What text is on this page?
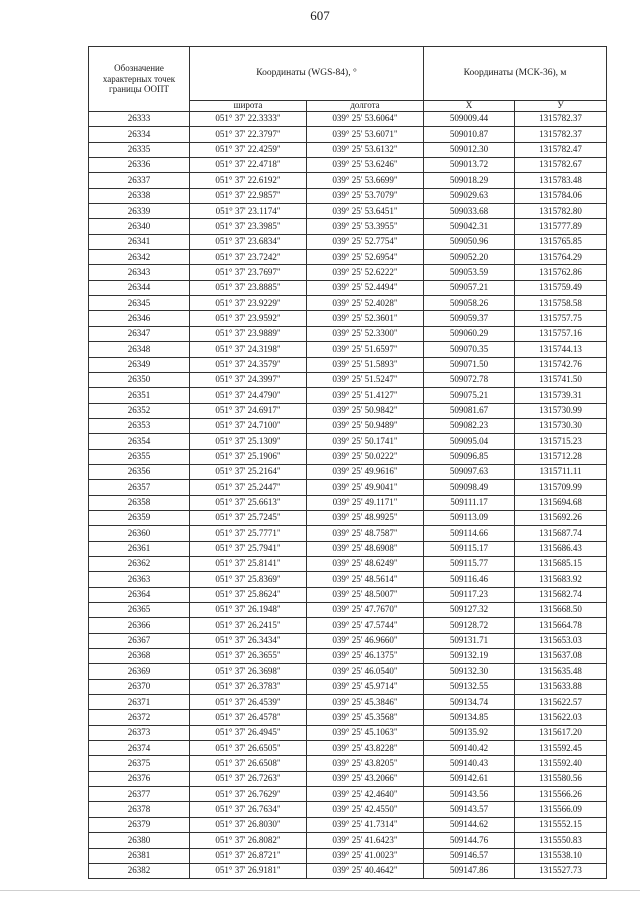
607
Обозначение характерных точек границы ООПТ	Координаты (WGS-84), °		Координаты (МСК-36), м	
	широта	долгота	X	У
26333	051° 37' 22.3333"	039° 25' 53.6064"	509009.44	1315782.37
26334	051° 37' 22.3797"	039° 25' 53.6071"	509010.87	1315782.37
26335	051° 37' 22.4259"	039° 25' 53.6132"	509012.30	1315782.47
26336	051° 37' 22.4718"	039° 25' 53.6246"	509013.72	1315782.67
26337	051° 37' 22.6192"	039° 25' 53.6699"	509018.29	1315783.48
26338	051° 37' 22.9857"	039° 25' 53.7079"	509029.63	1315784.06
26339	051° 37' 23.1174"	039° 25' 53.6451"	509033.68	1315782.80
26340	051° 37' 23.3985"	039° 25' 53.3955"	509042.31	1315777.89
26341	051° 37' 23.6834"	039° 25' 52.7754"	509050.96	1315765.85
26342	051° 37' 23.7242"	039° 25' 52.6954"	509052.20	1315764.29
26343	051° 37' 23.7697"	039° 25' 52.6222"	509053.59	1315762.86
26344	051° 37' 23.8885"	039° 25' 52.4494"	509057.21	1315759.49
26345	051° 37' 23.9229"	039° 25' 52.4028"	509058.26	1315758.58
26346	051° 37' 23.9592"	039° 25' 52.3601"	509059.37	1315757.75
26347	051° 37' 23.9889"	039° 25' 52.3300"	509060.29	1315757.16
26348	051° 37' 24.3198"	039° 25' 51.6597"	509070.35	1315744.13
26349	051° 37' 24.3579"	039° 25' 51.5893"	509071.50	1315742.76
26350	051° 37' 24.3997"	039° 25' 51.5247"	509072.78	1315741.50
26351	051° 37' 24.4790"	039° 25' 51.4127"	509075.21	1315739.31
26352	051° 37' 24.6917"	039° 25' 50.9842"	509081.67	1315730.99
26353	051° 37' 24.7100"	039° 25' 50.9489"	509082.23	1315730.30
26354	051° 37' 25.1309"	039° 25' 50.1741"	509095.04	1315715.23
26355	051° 37' 25.1906"	039° 25' 50.0222"	509096.85	1315712.28
26356	051° 37' 25.2164"	039° 25' 49.9616"	509097.63	1315711.11
26357	051° 37' 25.2447"	039° 25' 49.9041"	509098.49	1315709.99
26358	051° 37' 25.6613"	039° 25' 49.1171"	509111.17	1315694.68
26359	051° 37' 25.7245"	039° 25' 48.9925"	509113.09	1315692.26
26360	051° 37' 25.7771"	039° 25' 48.7587"	509114.66	1315687.74
26361	051° 37' 25.7941"	039° 25' 48.6908"	509115.17	1315686.43
26362	051° 37' 25.8141"	039° 25' 48.6249"	509115.77	1315685.15
26363	051° 37' 25.8369"	039° 25' 48.5614"	509116.46	1315683.92
26364	051° 37' 25.8624"	039° 25' 48.5007"	509117.23	1315682.74
26365	051° 37' 26.1948"	039° 25' 47.7670"	509127.32	1315668.50
26366	051° 37' 26.2415"	039° 25' 47.5744"	509128.72	1315664.78
26367	051° 37' 26.3434"	039° 25' 46.9660"	509131.71	1315653.03
26368	051° 37' 26.3655"	039° 25' 46.1375"	509132.19	1315637.08
26369	051° 37' 26.3698"	039° 25' 46.0540"	509132.30	1315635.48
26370	051° 37' 26.3783"	039° 25' 45.9714"	509132.55	1315633.88
26371	051° 37' 26.4539"	039° 25' 45.3846"	509134.74	1315622.57
26372	051° 37' 26.4578"	039° 25' 45.3568"	509134.85	1315622.03
26373	051° 37' 26.4945"	039° 25' 45.1063"	509135.92	1315617.20
26374	051° 37' 26.6505"	039° 25' 43.8228"	509140.42	1315592.45
26375	051° 37' 26.6508"	039° 25' 43.8205"	509140.43	1315592.40
26376	051° 37' 26.7263"	039° 25' 43.2066"	509142.61	1315580.56
26377	051° 37' 26.7629"	039° 25' 42.4640"	509143.56	1315566.26
26378	051° 37' 26.7634"	039° 25' 42.4550"	509143.57	1315566.09
26379	051° 37' 26.8030"	039° 25' 41.7314"	509144.62	1315552.15
26380	051° 37' 26.8082"	039° 25' 41.6423"	509144.76	1315550.83
26381	051° 37' 26.8721"	039° 25' 41.0023"	509146.57	1315538.10
26382	051° 37' 26.9181"	039° 25' 40.4642"	509147.86	1315527.73
